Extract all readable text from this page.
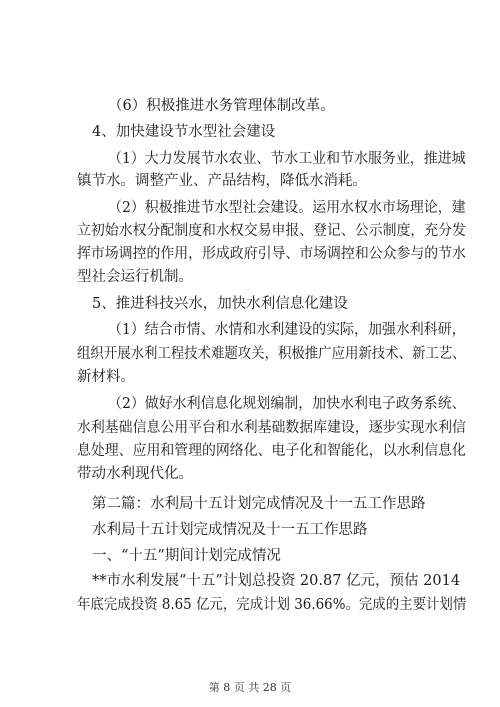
（6）积极推进水务管理体制改革。
4、加快建设节水型社会建设
（1）大力发展节水农业、节水工业和节水服务业，推进城
镇节水。调整产业、产品结构，降低水消耗。
（2）积极推进节水型社会建设。运用水权水市场理论，建
立初始水权分配制度和水权交易申报、登记、公示制度，充分发
挥市场调控的作用，形成政府引导、市场调控和公众参与的节水
型社会运行机制。
5、推进科技兴水，加快水利信息化建设
（1）结合市情、水情和水利建设的实际，加强水利科研，
组织开展水利工程技术难题攻关，积极推广应用新技术、新工艺、
新材料。
（2）做好水利信息化规划编制，加快水利电子政务系统、
水利基础信息公用平台和水利基础数据库建设，逐步实现水利信
息处理、应用和管理的网络化、电子化和智能化，以水利信息化
带动水利现代化。
第二篇：水利局十五计划完成情况及十一五工作思路
水利局十五计划完成情况及十一五工作思路
一、“十五”期间计划完成情况
**市水利发展“十五”计划总投资 20.87 亿元，预估 2014
年底完成投资 8.65 亿元，完成计划 36.66%。完成的主要计划情
第 8 页 共 28 页
